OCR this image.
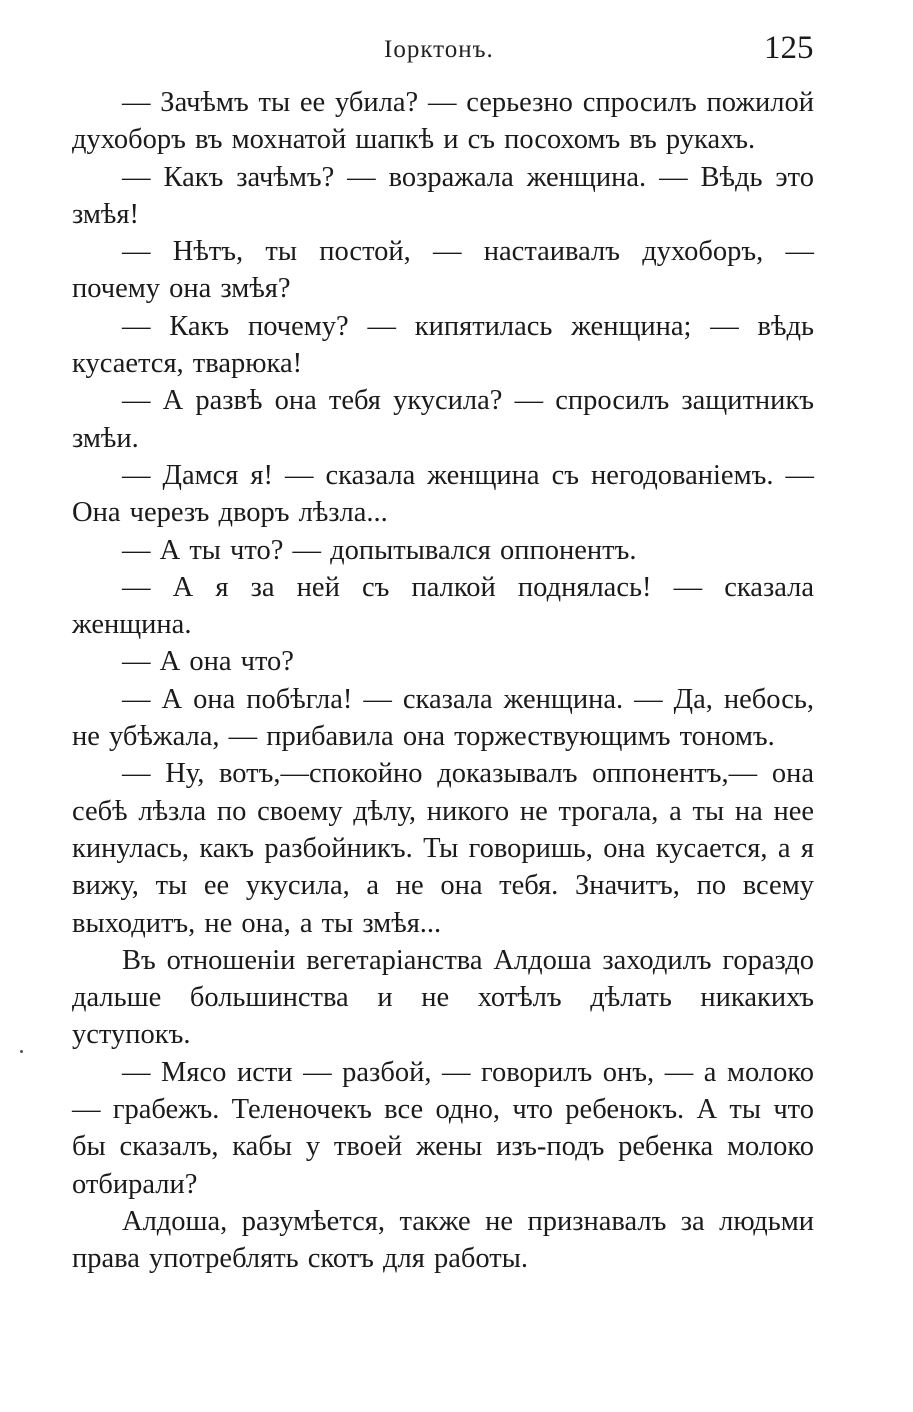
Іорктонъ.	125

— Зачѣмъ ты ее убила? — серьезно спросилъ пожилой духоборъ въ мохнатой шапкѣ и съ посохомъ въ рукахъ.

— Какъ зачѣмъ? — возражала женщина. — Вѣдь это змѣя!

— Нѣтъ, ты постой, — настаивалъ духоборъ, — почему она змѣя?

— Какъ почему? — кипятилась женщина; — вѣдь кусается, тварюка!

— А развѣ она тебя укусила? — спросилъ защитникъ змѣи.

— Дамся я! — сказала женщина съ негодованіемъ. — Она черезъ дворъ лѣзла...

— А ты что? — допытывался оппонентъ.

— А я за ней съ палкой поднялась! — сказала женщина.

— А она что?

— А она побѣгла! — сказала женщина. — Да, небось, не убѣжала, — прибавила она торжествующимъ тономъ.

— Ну, вотъ,—спокойно доказывалъ оппонентъ,— она себѣ лѣзла по своему дѣлу, никого не трогала, а ты на нее кинулась, какъ разбойникъ. Ты говоришь, она кусается, а я вижу, ты ее укусила, а не она тебя. Значитъ, по всему выходитъ, не она, а ты змѣя...

Въ отношеніи вегетаріанства Алдоша заходилъ гораздо дальше большинства и не хотѣлъ дѣлать никакихъ уступокъ.

— Мясо исти — разбой, — говорилъ онъ, — а молоко — грабежъ. Теленочекъ все одно, что ребенокъ. А ты что бы сказалъ, кабы у твоей жены изъ-подъ ребенка молоко отбирали?

Алдоша, разумѣется, также не признавалъ за людьми права употреблять скотъ для работы.
